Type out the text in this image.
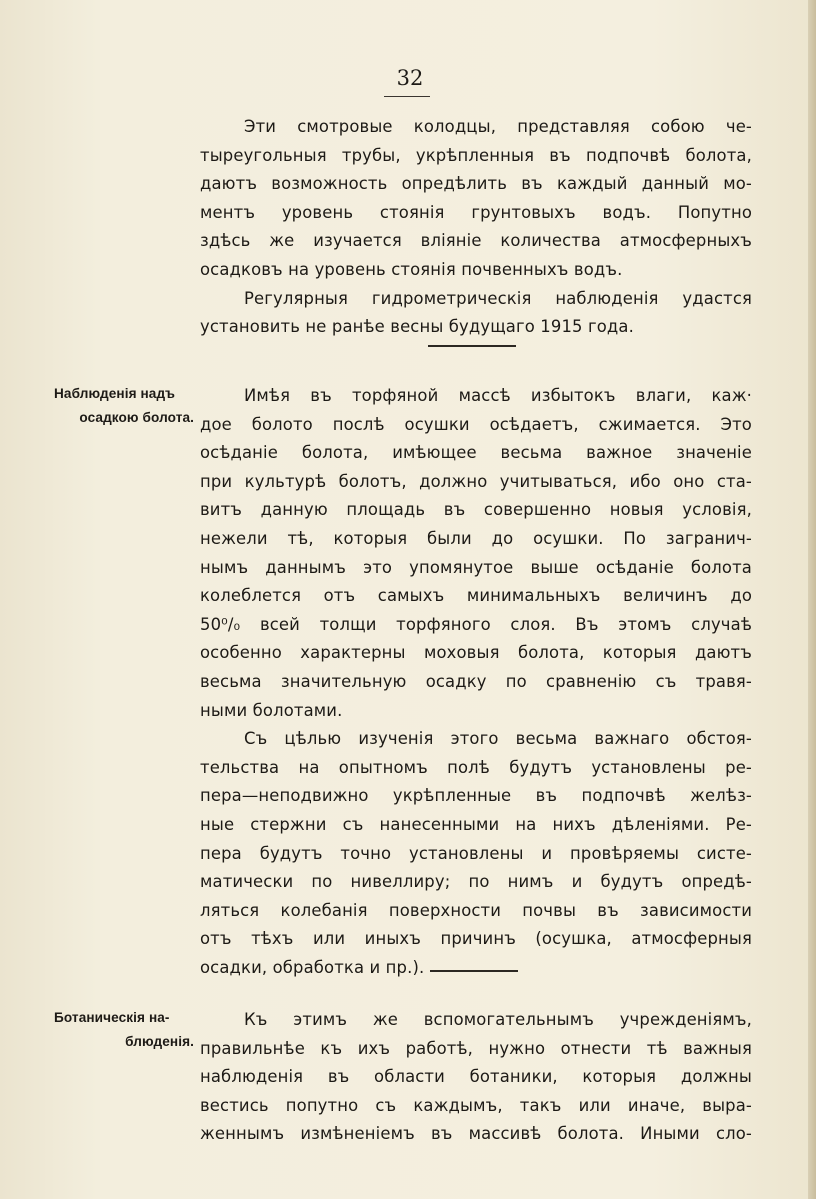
32
Эти смотровые колодцы, представляя собою че-
тыреугольныя трубы, укрѣпленныя въ подпочвѣ болота,
даютъ возможность опредѣлить въ каждый данный мо-
ментъ уровень стоянія грунтовыхъ водъ. Попутно
здѣсь же изучается вліяніе количества атмосферныхъ
осадковъ на уровень стоянія почвенныхъ водъ.
Регулярныя гидрометрическія наблюденія удастся
установить не ранѣе весны будущаго 1915 года.
Наблюденія надъ
осадкою болота.
Имѣя въ торфяной массѣ избытокъ влаги, каж·
дое болото послѣ осушки осѣдаетъ, сжимается. Это
осѣданіе болота, имѣющее весьма важное значеніе
при культурѣ болотъ, должно учитываться, ибо оно ста-
витъ данную площадь въ совершенно новыя условія,
нежели тѣ, которыя были до осушки. По загранич-
нымъ даннымъ это упомянутое выше осѣданіе болота
колеблется отъ самыхъ минимальныхъ величинъ до
50⁰/₀ всей толщи торфяного слоя. Въ этомъ случаѣ
особенно характерны моховыя болота, которыя даютъ
весьма значительную осадку по сравненію съ травя-
ными болотами.
Съ цѣлью изученія этого весьма важнаго обстоя-
тельства на опытномъ полѣ будутъ установлены ре-
пера—неподвижно укрѣпленные въ подпочвѣ желѣз-
ные стержни съ нанесенными на нихъ дѣленіями. Ре-
пера будутъ точно установлены и провѣряемы систе-
матически по нивеллиру; по нимъ и будутъ опредѣ-
ляться колебанія поверхности почвы въ зависимости
отъ тѣхъ или иныхъ причинъ (осушка, атмосферныя
осадки, обработка и пр.).
Ботаническія на-
блюденія.
Къ этимъ же вспомогательнымъ учрежденіямъ,
правильнѣе къ ихъ работѣ, нужно отнести тѣ важныя
наблюденія въ области ботаники, которыя должны
вестись попутно съ каждымъ, такъ или иначе, выра-
женнымъ измѣненіемъ въ массивѣ болота. Иными сло-
